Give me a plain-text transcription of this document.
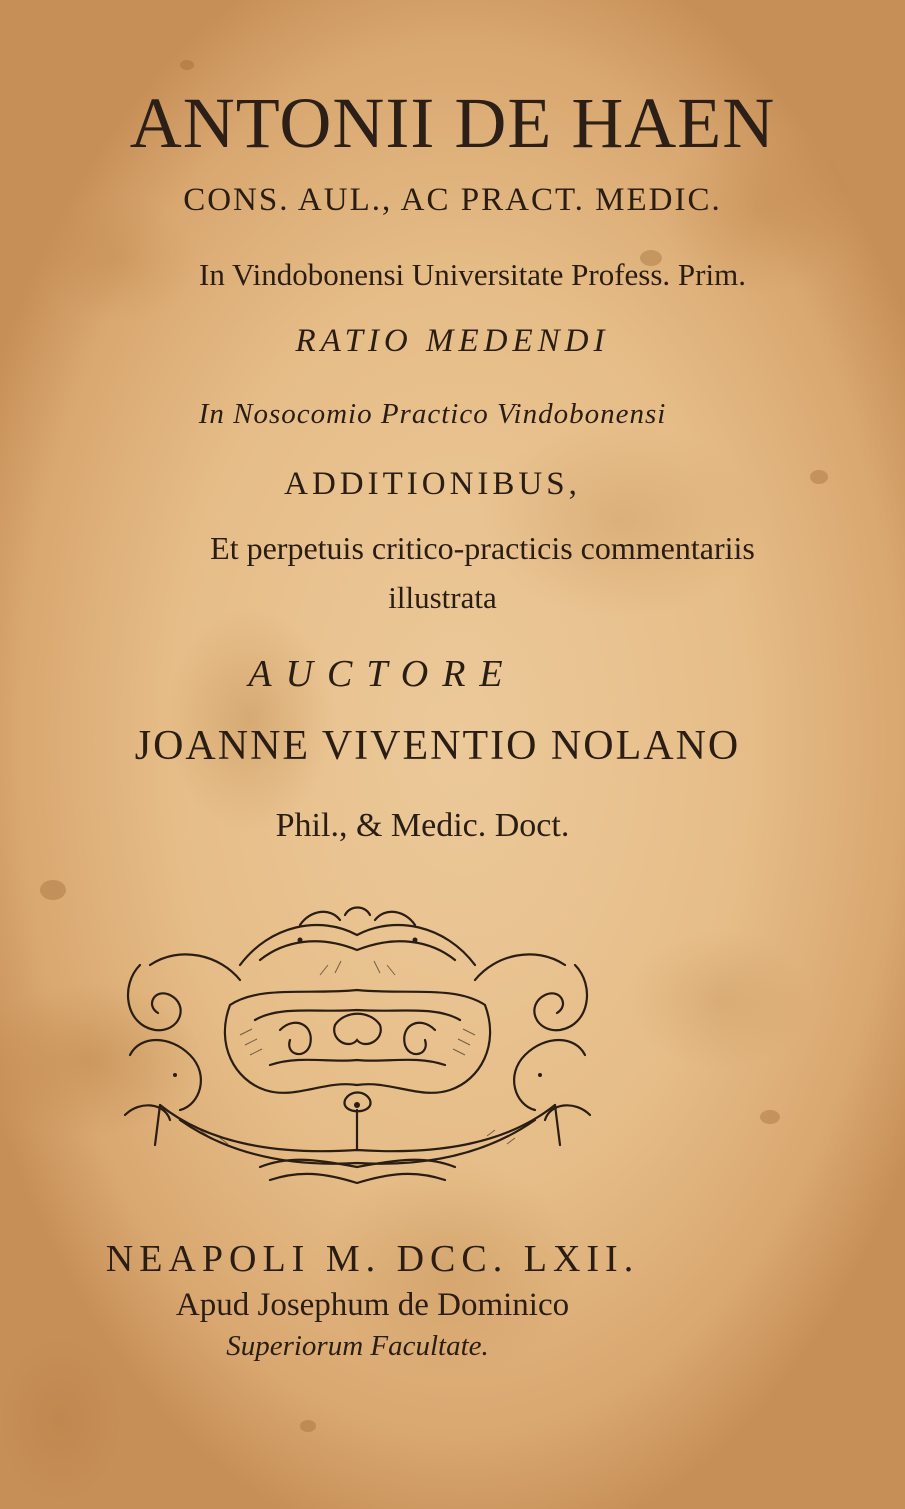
ANTONII DE HAEN
CONS. AUL., AC PRACT. MEDIC.
In Vindobonensi Universitate Profess. Prim.
RATIO MEDENDI
In Nosocomio Practico Vindobonensi
ADDITIONIBUS,
Et perpetuis critico-practicis commentariis
illustrata
AUCTORE
JOANNE VIVENTIO NOLANO
Phil., & Medic. Doct.
NEAPOLI M. DCC. LXII.
Apud Josephum de Dominico
Superiorum Facultate.
